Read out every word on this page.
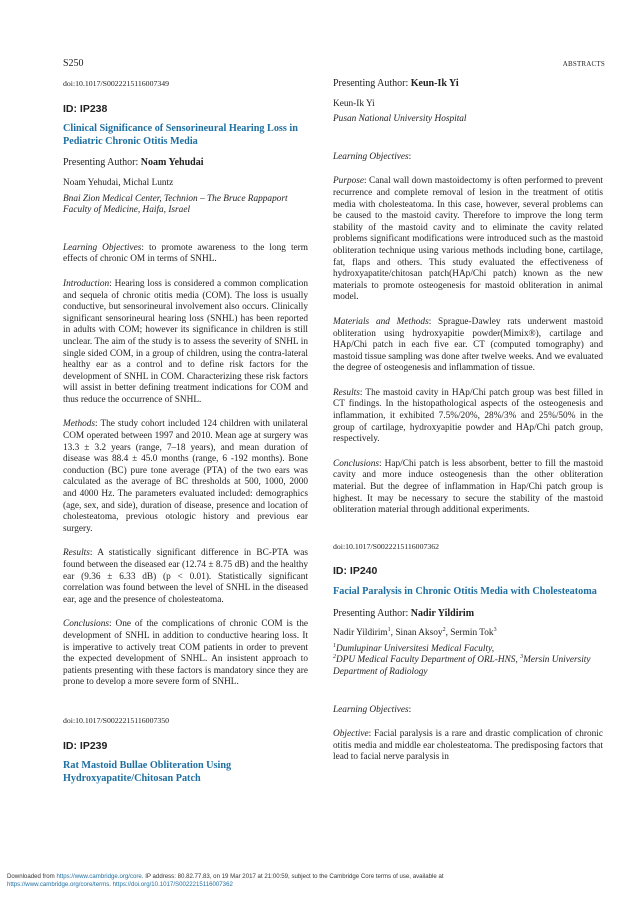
S250	ABSTRACTS

doi:10.1017/S0022215116007349

ID: IP238
Clinical Significance of Sensorineural Hearing Loss in Pediatric Chronic Otitis Media

Presenting Author: Noam Yehudai

Noam Yehudai, Michal Luntz

Bnai Zion Medical Center, Technion – The Bruce Rappaport Faculty of Medicine, Haifa, Israel

Learning Objectives: to promote awareness to the long term effects of chronic OM in terms of SNHL.

Introduction: Hearing loss is considered a common complication and sequela of chronic otitis media (COM). The loss is usually conductive, but sensorineural involvement also occurs. Clinically significant sensorineural hearing loss (SNHL) has been reported in adults with COM; however its significance in children is still unclear. The aim of the study is to assess the severity of SNHL in single sided COM, in a group of children, using the contra-lateral healthy ear as a control and to define risk factors for the development of SNHL in COM. Characterizing these risk factors will assist in better defining treatment indications for COM and thus reduce the occurrence of SNHL.

Methods: The study cohort included 124 children with unilateral COM operated between 1997 and 2010. Mean age at surgery was 13.3 ± 3.2 years (range, 7–18 years), and mean duration of disease was 88.4 ± 45.0 months (range, 6 -192 months). Bone conduction (BC) pure tone average (PTA) of the two ears was calculated as the average of BC thresholds at 500, 1000, 2000 and 4000 Hz. The parameters evaluated included: demographics (age, sex, and side), duration of disease, presence and location of cholesteatoma, previous otologic history and previous ear surgery.

Results: A statistically significant difference in BC-PTA was found between the diseased ear (12.74 ± 8.75 dB) and the healthy ear (9.36 ± 6.33 dB) (p < 0.01). Statistically significant correlation was found between the level of SNHL in the diseased ear, age and the presence of cholesteatoma.

Conclusions: One of the complications of chronic COM is the development of SNHL in addition to conductive hearing loss. It is imperative to actively treat COM patients in order to prevent the expected development of SNHL. An insistent approach to patients presenting with these factors is mandatory since they are prone to develop a more severe form of SNHL.

doi:10.1017/S0022215116007350

ID: IP239
Rat Mastoid Bullae Obliteration Using Hydroxyapatite/Chitosan Patch

Presenting Author: Keun-Ik Yi

Keun-Ik Yi

Pusan National University Hospital

Learning Objectives:

Purpose: Canal wall down mastoidectomy is often performed to prevent recurrence and complete removal of lesion in the treatment of otitis media with cholesteatoma. In this case, however, several problems can be caused to the mastoid cavity. Therefore to improve the long term stability of the mastoid cavity and to eliminate the cavity related problems significant modifications were introduced such as the mastoid obliteration technique using various methods including bone, cartilage, fat, flaps and others. This study evaluated the effectiveness of hydroxyapatite/chitosan patch(HAp/Chi patch) known as the new materials to promote osteogenesis for mastoid obliteration in animal model.

Materials and Methods: Sprague-Dawley rats underwent mastoid obliteration using hydroxyapitie powder(Mimix®), cartilage and HAp/Chi patch in each five ear. CT (computed tomography) and mastoid tissue sampling was done after twelve weeks. And we evaluated the degree of osteogenesis and inflammation of tissue.

Results: The mastoid cavity in HAp/Chi patch group was best filled in CT findings. In the histopathological aspects of the osteogenesis and inflammation, it exhibited 7.5%/20%, 28%/3% and 25%/50% in the group of cartilage, hydroxyapitie powder and HAp/Chi patch group, respectively.

Conclusions: Hap/Chi patch is less absorbent, better to fill the mastoid cavity and more induce osteogenesis than the other obliteration material. But the degree of inflammation in Hap/Chi patch group is highest. It may be necessary to secure the stability of the mastoid obliteration material through additional experiments.

doi:10.1017/S0022215116007362

ID: IP240
Facial Paralysis in Chronic Otitis Media with Cholesteatoma

Presenting Author: Nadir Yildirim

Nadir Yildirim$^1$, Sinan Aksoy$^2$, Sermin Tok$^3$

$^1$Dumlupinar Universitesi Medical Faculty,
$^2$DPU Medical Faculty Department of ORL-HNS, $^3$Mersin University Department of Radiology

Learning Objectives:

Objective: Facial paralysis is a rare and drastic complication of chronic otitis media and middle ear cholesteatoma. The predisposing factors that lead to facial nerve paralysis in

Downloaded from https://www.cambridge.org/core. IP address: 80.82.77.83, on 19 Mar 2017 at 21:00:59, subject to the Cambridge Core terms of use, available at
https://www.cambridge.org/core/terms. https://doi.org/10.1017/S0022215116007362
